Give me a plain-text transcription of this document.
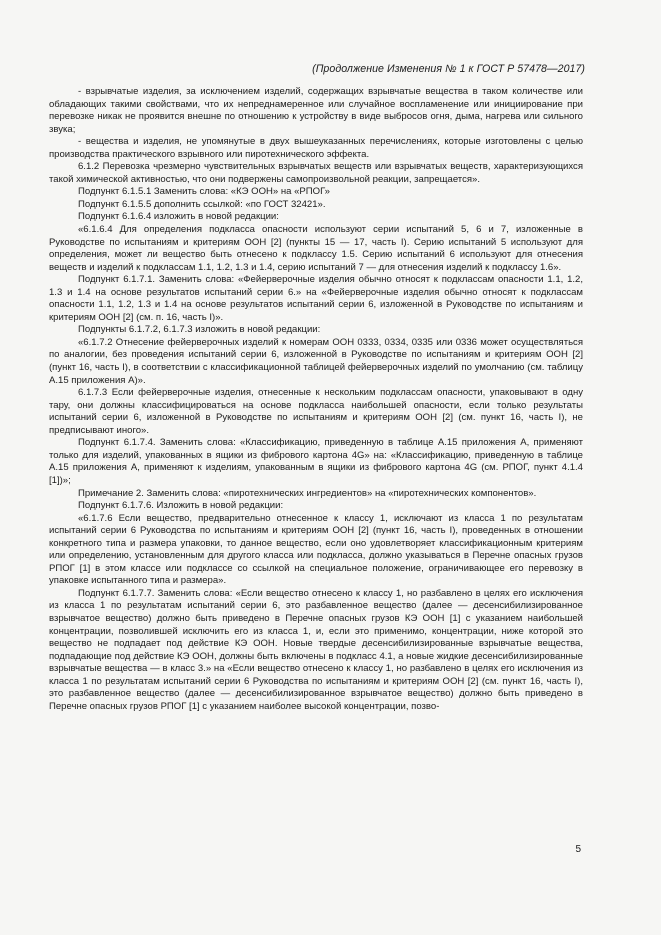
(Продолжение Изменения № 1 к ГОСТ Р 57478—2017)

- взрывчатые изделия, за исключением изделий, содержащих взрывчатые вещества в таком количестве или обладающих такими свойствами, что их непреднамеренное или случайное воспламенение или инициирование при перевозке никак не проявится внешне по отношению к устройству в виде выбросов огня, дыма, нагрева или сильного звука;

- вещества и изделия, не упомянутые в двух вышеуказанных перечислениях, которые изготовлены с целью производства практического взрывного или пиротехнического эффекта.

6.1.2 Перевозка чрезмерно чувствительных взрывчатых веществ или взрывчатых веществ, характеризующихся такой химической активностью, что они подвержены самопроизвольной реакции, запрещается».

Подпункт 6.1.5.1 Заменить слова: «КЭ ООН» на «РПОГ»

Подпункт 6.1.5.5 дополнить ссылкой: «по ГОСТ 32421».

Подпункт 6.1.6.4 изложить в новой редакции:

«6.1.6.4 Для определения подкласса опасности используют серии испытаний 5, 6 и 7, изложенные в Руководстве по испытаниям и критериям ООН [2] (пункты 15 — 17, часть I). Серию испытаний 5 используют для определения, может ли вещество быть отнесено к подклассу 1.5. Серию испытаний 6 используют для отнесения веществ и изделий к подклассам 1.1, 1.2, 1.3 и 1.4, серию испытаний 7 — для отнесения изделий к подклассу 1.6».

Подпункт 6.1.7.1. Заменить слова: «Фейерверочные изделия обычно относят к подклассам опасности 1.1, 1.2, 1.3 и 1.4 на основе результатов испытаний серии 6.» на «Фейерверочные изделия обычно относят к подклассам опасности 1.1, 1.2, 1.3 и 1.4 на основе результатов испытаний серии 6, изложенной в Руководстве по испытаниям и критериям ООН [2] (см. п. 16, часть I)».

Подпункты 6.1.7.2, 6.1.7.3 изложить в новой редакции:

«6.1.7.2 Отнесение фейерверочных изделий к номерам ООН 0333, 0334, 0335 или 0336 может осуществляться по аналогии, без проведения испытаний серии 6, изложенной в Руководстве по испытаниям и критериям ООН [2] (пункт 16, часть I), в соответствии с классификационной таблицей фейерверочных изделий по умолчанию (см. таблицу А.15 приложения А)».

6.1.7.3 Если фейерверочные изделия, отнесенные к нескольким подклассам опасности, упаковывают в одну тару, они должны классифицироваться на основе подкласса наибольшей опасности, если только результаты испытаний серии 6, изложенной в Руководстве по испытаниям и критериям ООН [2] (см. пункт 16, часть I), не предписывают иного».

Подпункт 6.1.7.4. Заменить слова: «Классификацию, приведенную в таблице А.15 приложения А, применяют только для изделий, упакованных в ящики из фибрового картона 4G» на: «Классификацию, приведенную в таблице А.15 приложения А, применяют к изделиям, упакованным в ящики из фибрового картона 4G (см. РПОГ, пункт 4.1.4 [1])»;

Примечание 2. Заменить слова: «пиротехнических ингредиентов» на «пиротехнических компонентов».

Подпункт 6.1.7.6. Изложить в новой редакции:

«6.1.7.6 Если вещество, предварительно отнесенное к классу 1, исключают из класса 1 по результатам испытаний серии 6 Руководства по испытаниям и критериям ООН [2] (пункт 16, часть I), проведенных в отношении конкретного типа и размера упаковки, то данное вещество, если оно удовлетворяет классификационным критериям или определению, установленным для другого класса или подкласса, должно указываться в Перечне опасных грузов РПОГ [1] в этом классе или подклассе со ссылкой на специальное положение, ограничивающее его перевозку в упаковке испытанного типа и размера».

Подпункт 6.1.7.7. Заменить слова: «Если вещество отнесено к классу 1, но разбавлено в целях его исключения из класса 1 по результатам испытаний серии 6, это разбавленное вещество (далее — десенсибилизированное взрывчатое вещество) должно быть приведено в Перечне опасных грузов КЭ ООН [1] с указанием наибольшей концентрации, позволившей исключить его из класса 1, и, если это применимо, концентрации, ниже которой это вещество не подпадает под действие КЭ ООН. Новые твердые десенсибилизированные взрывчатые вещества, подпадающие под действие КЭ ООН, должны быть включены в подкласс 4.1, а новые жидкие десенсибилизированные взрывчатые вещества — в класс 3.» на «Если вещество отнесено к классу 1, но разбавлено в целях его исключения из класса 1 по результатам испытаний серии 6 Руководства по испытаниям и критериям ООН [2] (см. пункт 16, часть I), это разбавленное вещество (далее — десенсибилизированное взрывчатое вещество) должно быть приведено в Перечне опасных грузов РПОГ [1] с указанием наиболее высокой концентрации, позво-

5
